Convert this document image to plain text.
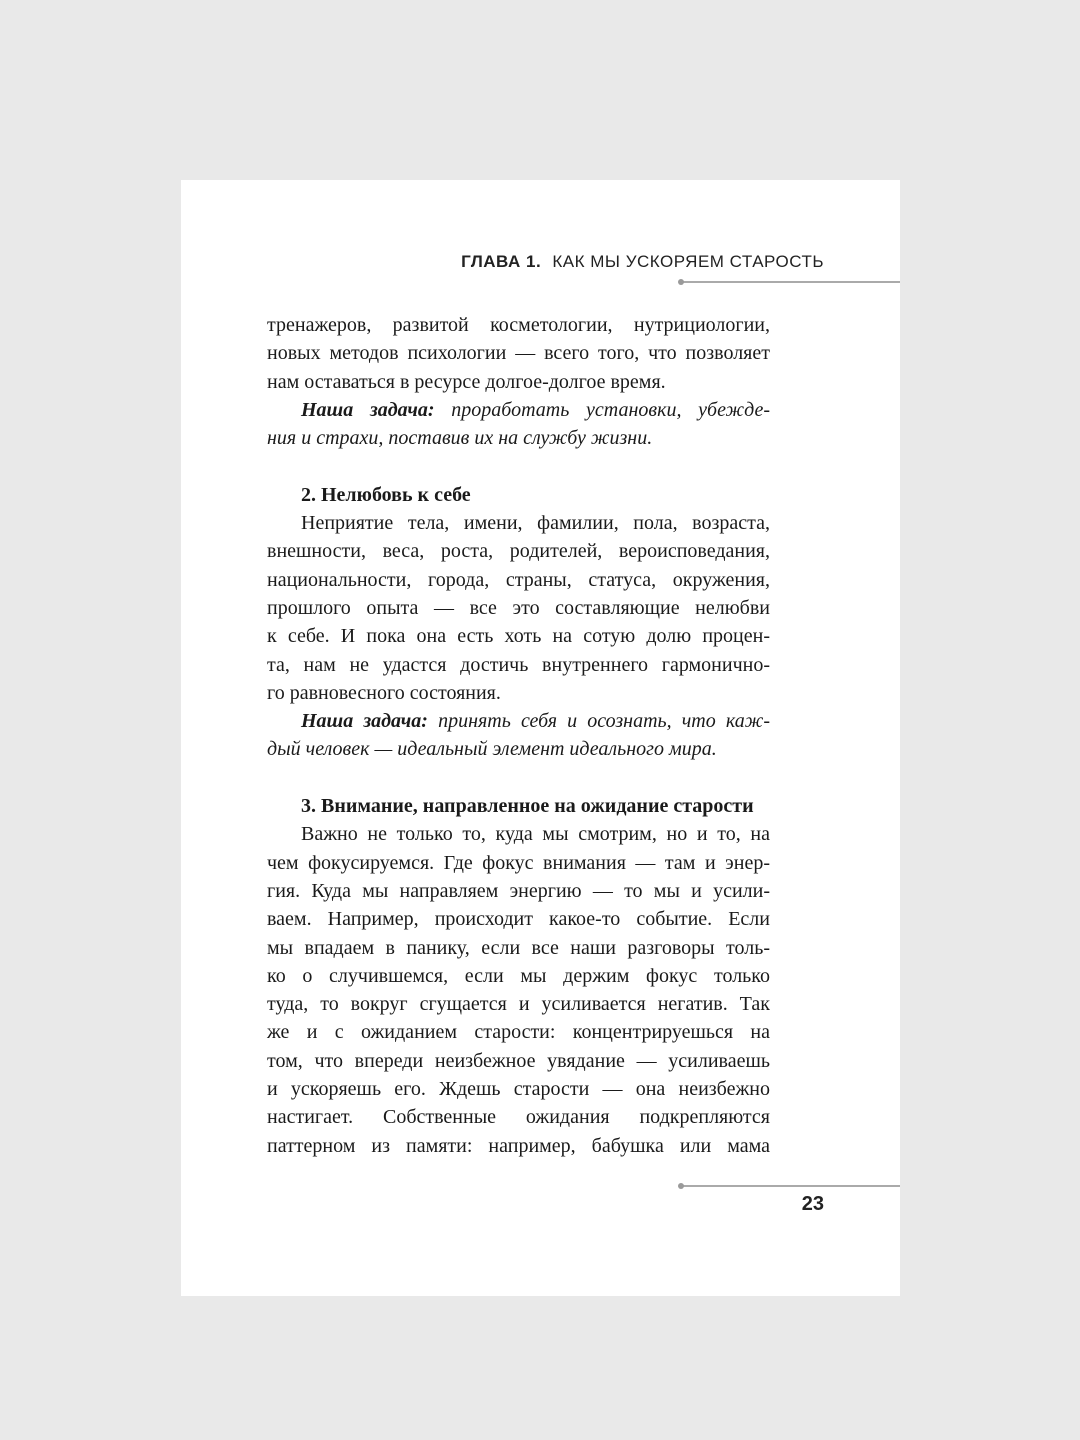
ГЛАВА 1. КАК МЫ УСКОРЯЕМ СТАРОСТЬ
тренажеров, развитой косметологии, нутрициологии,
новых методов психологии — всего того, что позволяет
нам оставаться в ресурсе долгое-долгое время.
Наша задача: проработать установки, убежде-
ния и страхи, поставив их на службу жизни.
2. Нелюбовь к себе
Неприятие тела, имени, фамилии, пола, возраста,
внешности, веса, роста, родителей, вероисповедания,
национальности, города, страны, статуса, окружения,
прошлого опыта — все это составляющие нелюбви
к себе. И пока она есть хоть на сотую долю процен-
та, нам не удастся достичь внутреннего гармонично-
го равновесного состояния.
Наша задача: принять себя и осознать, что каж-
дый человек — идеальный элемент идеального мира.
3. Внимание, направленное на ожидание старости
Важно не только то, куда мы смотрим, но и то, на
чем фокусируемся. Где фокус внимания — там и энер-
гия. Куда мы направляем энергию — то мы и усили-
ваем. Например, происходит какое-то событие. Если
мы впадаем в панику, если все наши разговоры толь-
ко о случившемся, если мы держим фокус только
туда, то вокруг сгущается и усиливается негатив. Так
же и с ожиданием старости: концентрируешься на
том, что впереди неизбежное увядание — усиливаешь
и ускоряешь его. Ждешь старости — она неизбежно
настигает. Собственные ожидания подкрепляются
паттерном из памяти: например, бабушка или мама
23
